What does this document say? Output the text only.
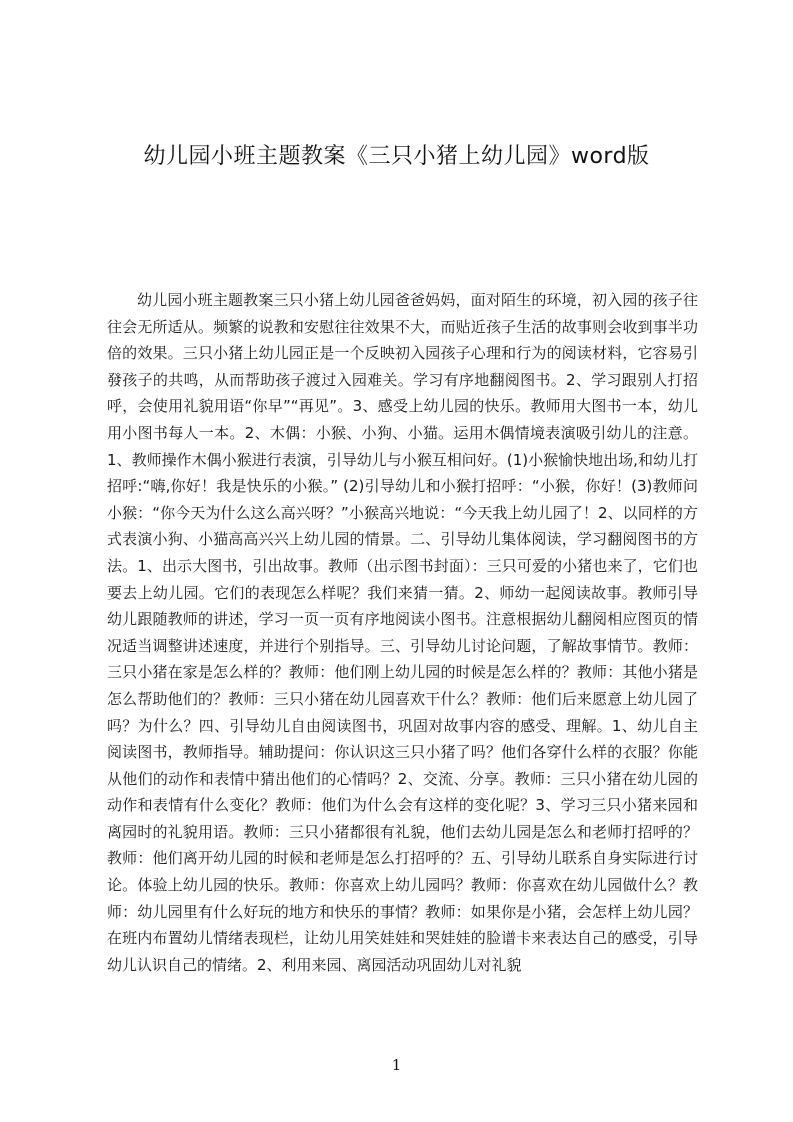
幼儿园小班主题教案《三只小猪上幼儿园》word版
幼儿园小班主题教案三只小猪上幼儿园爸爸妈妈，面对陌生的环境，初入园的孩子往往会无所适从。频繁的说教和安慰往往效果不大，而贴近孩子生活的故事则会收到事半功倍的效果。三只小猪上幼儿园正是一个反映初入园孩子心理和行为的阅读材料，它容易引發孩子的共鸣，从而帮助孩子渡过入园难关。学习有序地翻阅图书。2、学习跟别人打招呼，会使用礼貌用语“你早”“再见”。3、感受上幼儿园的快乐。教师用大图书一本，幼儿用小图书每人一本。2、木偶：小猴、小狗、小猫。运用木偶情境表演吸引幼儿的注意。1、教师操作木偶小猴进行表演，引导幼儿与小猴互相问好。(1)小猴愉快地出场,和幼儿打招呼:“嗨,你好！我是快乐的小猴。” (2)引导幼儿和小猴打招呼：“小猴，你好！(3)教师问小猴：“你今天为什么这么高兴呀？”小猴高兴地说：“今天我上幼儿园了！2、以同样的方式表演小狗、小猫高高兴兴上幼儿园的情景。二、引导幼儿集体阅读，学习翻阅图书的方法。1、出示大图书，引出故事。教师（出示图书封面）：三只可爱的小猪也来了，它们也要去上幼儿园。它们的表现怎么样呢？我们来猜一猜。2、师幼一起阅读故事。教师引导幼儿跟随教师的讲述，学习一页一页有序地阅读小图书。注意根据幼儿翻阅相应图页的情况适当调整讲述速度，并进行个别指导。三、引导幼儿讨论问题，了解故事情节。教师：三只小猪在家是怎么样的？教师：他们刚上幼儿园的时候是怎么样的？教师：其他小猪是怎么帮助他们的？教师：三只小猪在幼儿园喜欢干什么？教师：他们后来愿意上幼儿园了吗？为什么？四、引导幼儿自由阅读图书，巩固对故事内容的感受、理解。1、幼儿自主阅读图书，教师指导。辅助提问：你认识这三只小猪了吗？他们各穿什么样的衣服？你能从他们的动作和表情中猜出他们的心情吗？2、交流、分享。教师：三只小猪在幼儿园的动作和表情有什么变化？教师：他们为什么会有这样的变化呢？3、学习三只小猪来园和离园时的礼貌用语。教师：三只小猪都很有礼貌，他们去幼儿园是怎么和老师打招呼的？教师：他们离开幼儿园的时候和老师是怎么打招呼的？五、引导幼儿联系自身实际进行讨论。体验上幼儿园的快乐。教师：你喜欢上幼儿园吗？教师：你喜欢在幼儿园做什么？教师：幼儿园里有什么好玩的地方和快乐的事情？教师：如果你是小猪，会怎样上幼儿园？在班内布置幼儿情绪表现栏，让幼儿用笑娃娃和哭娃娃的脸谱卡来表达自己的感受，引导幼儿认识自己的情绪。2、利用来园、离园活动巩固幼儿对礼貌
1
